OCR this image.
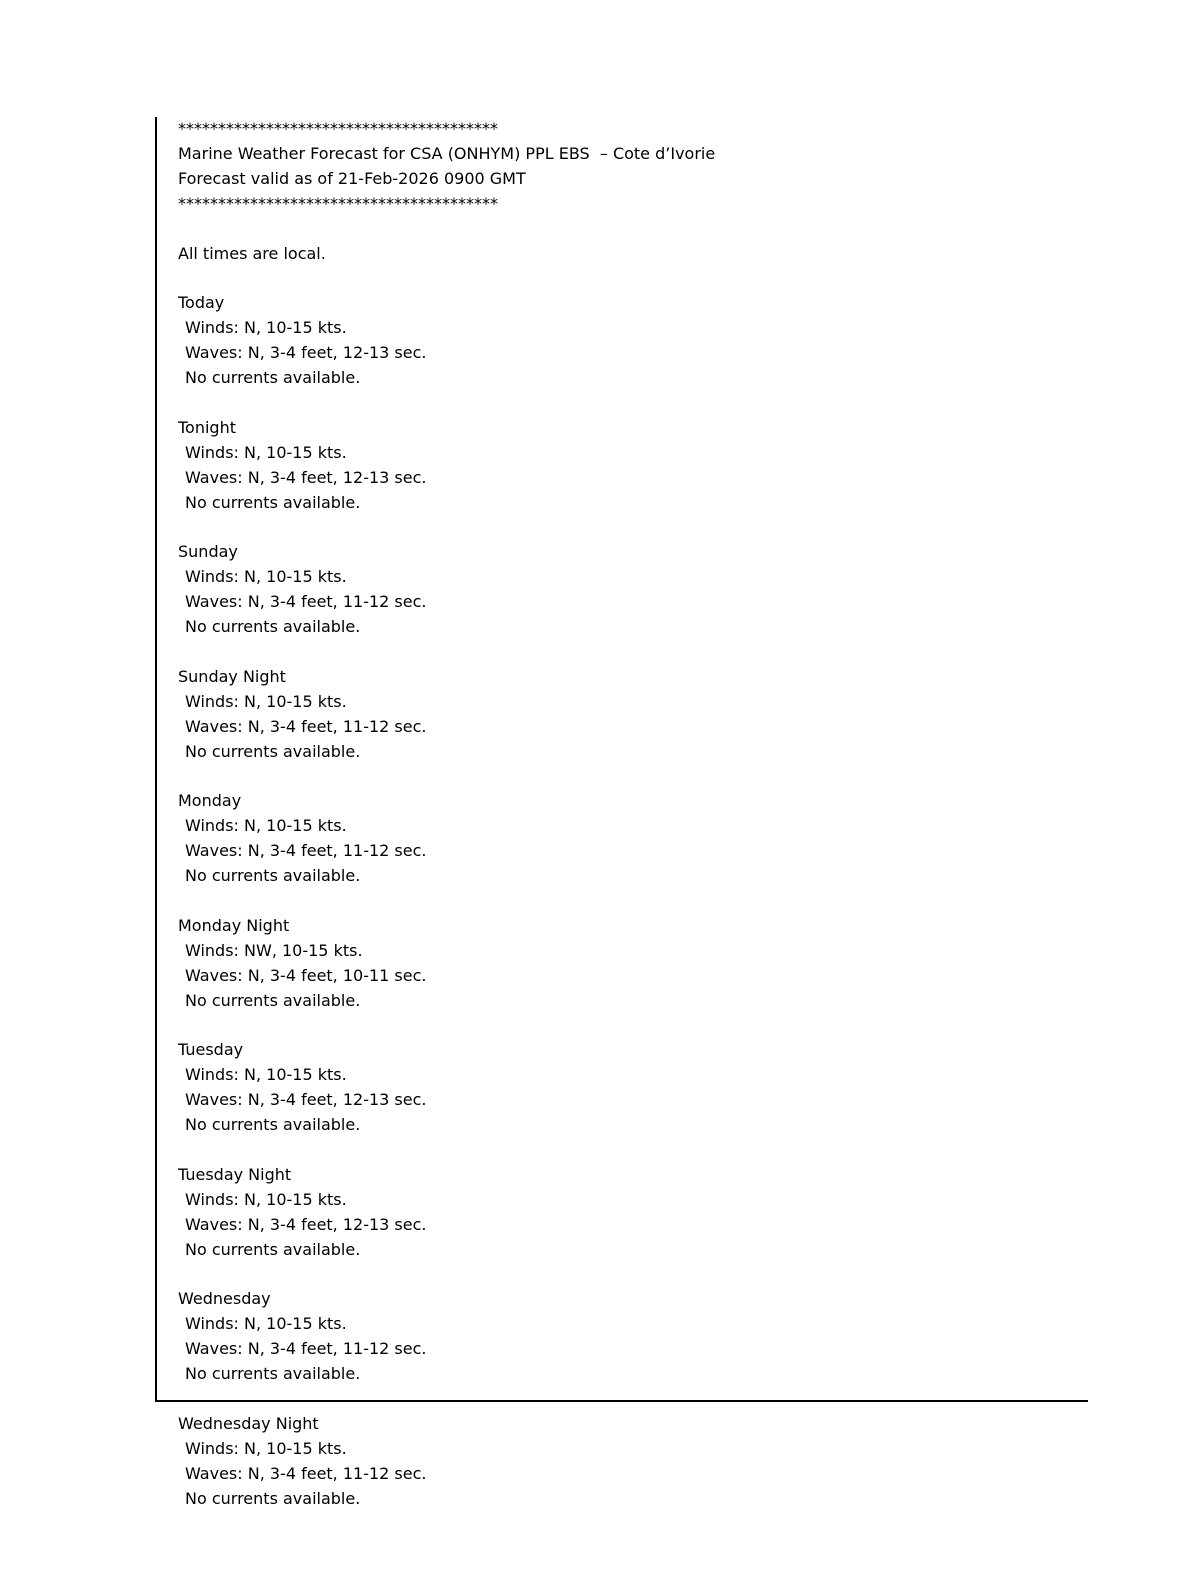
****************************************
Marine Weather Forecast for CSA (ONHYM) PPL EBS  – Cote d’Ivorie
Forecast valid as of 21-Feb-2026 0900 GMT
****************************************
All times are local.
Today
Winds: N, 10-15 kts.
Waves: N, 3-4 feet, 12-13 sec.
No currents available.
Tonight
Winds: N, 10-15 kts.
Waves: N, 3-4 feet, 12-13 sec.
No currents available.
Sunday
Winds: N, 10-15 kts.
Waves: N, 3-4 feet, 11-12 sec.
No currents available.
Sunday Night
Winds: N, 10-15 kts.
Waves: N, 3-4 feet, 11-12 sec.
No currents available.
Monday
Winds: N, 10-15 kts.
Waves: N, 3-4 feet, 11-12 sec.
No currents available.
Monday Night
Winds: NW, 10-15 kts.
Waves: N, 3-4 feet, 10-11 sec.
No currents available.
Tuesday
Winds: N, 10-15 kts.
Waves: N, 3-4 feet, 12-13 sec.
No currents available.
Tuesday Night
Winds: N, 10-15 kts.
Waves: N, 3-4 feet, 12-13 sec.
No currents available.
Wednesday
Winds: N, 10-15 kts.
Waves: N, 3-4 feet, 11-12 sec.
No currents available.
Wednesday Night
Winds: N, 10-15 kts.
Waves: N, 3-4 feet, 11-12 sec.
No currents available.
